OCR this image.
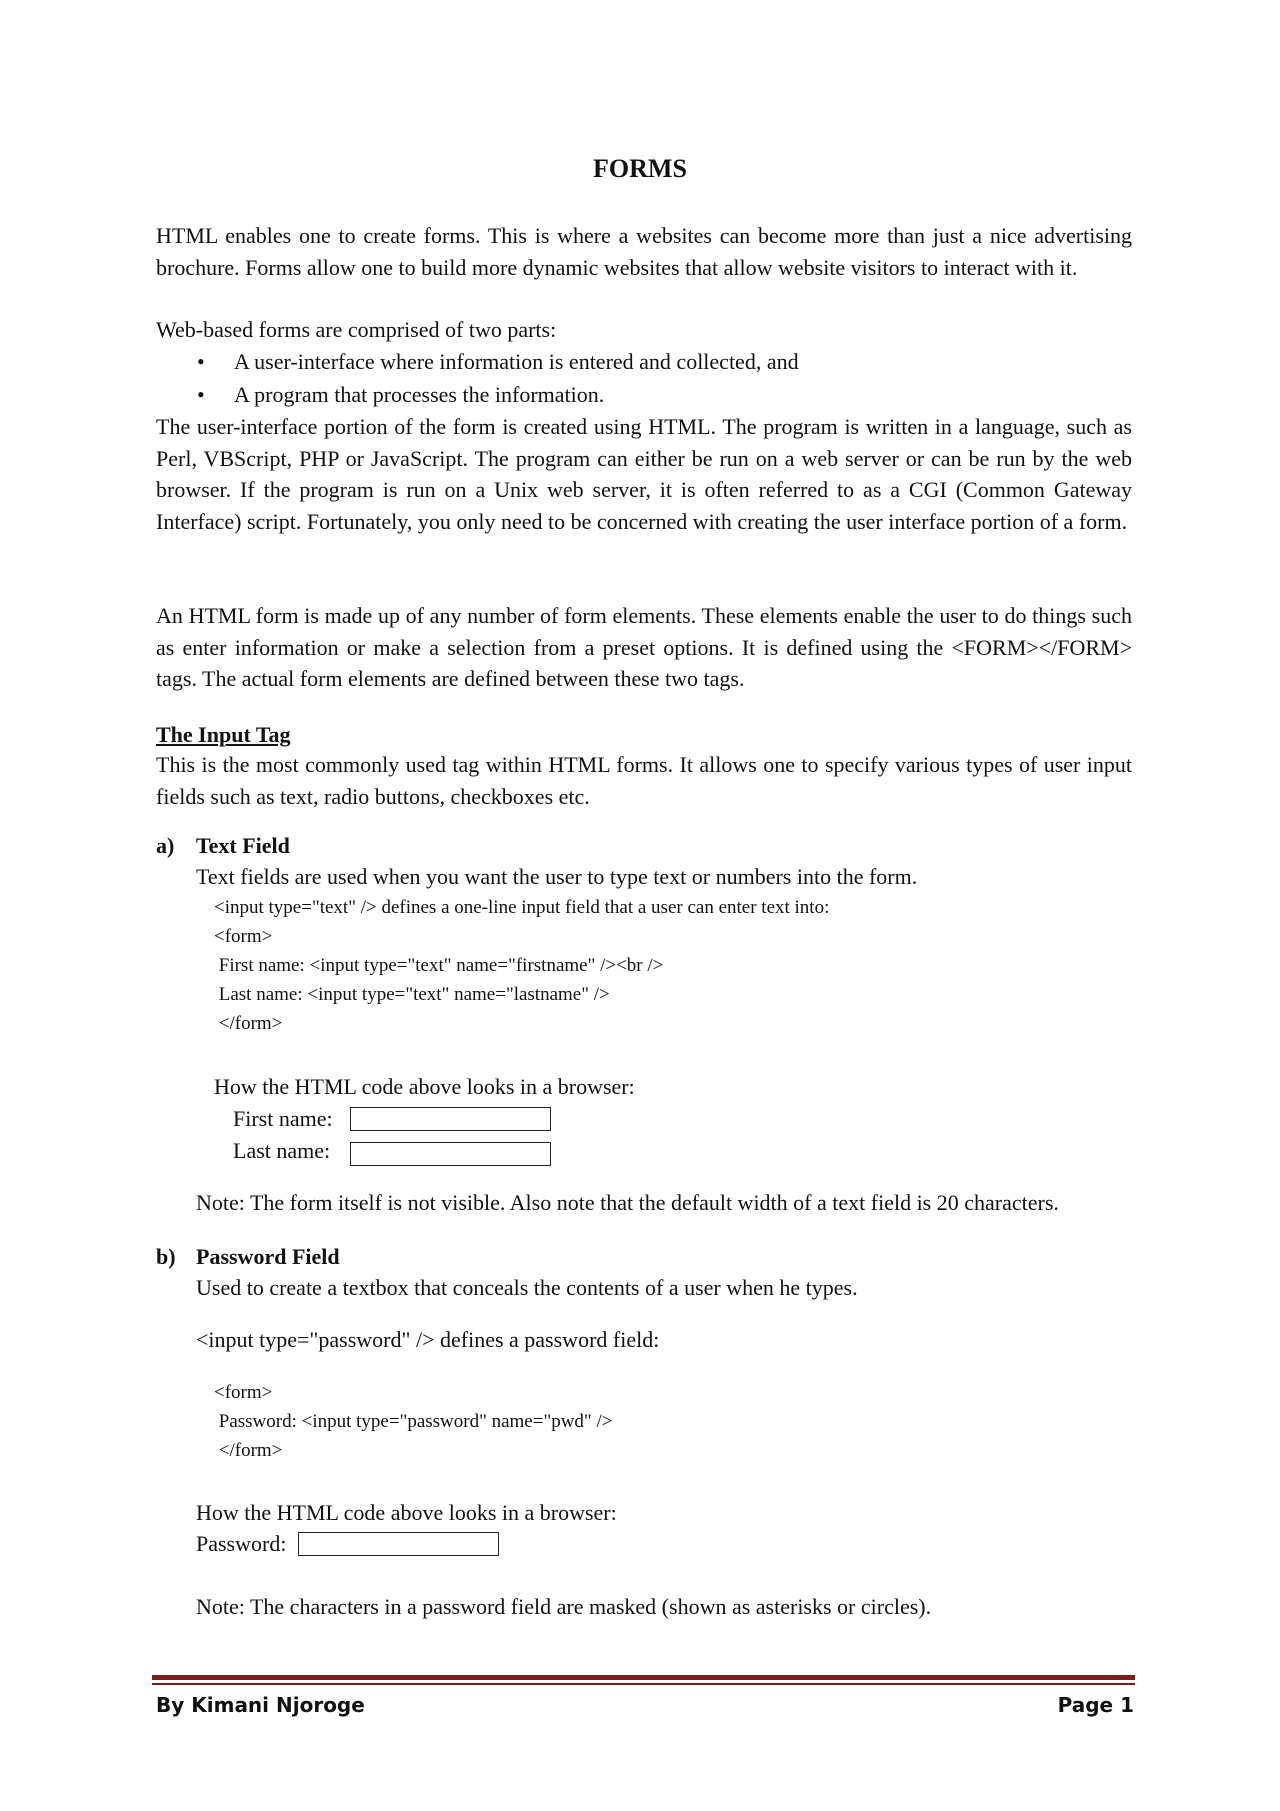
FORMS
HTML enables one to create forms. This is where a websites can become more than just a nice advertising brochure. Forms allow one to build more dynamic websites that allow website visitors to interact with it.
Web-based forms are comprised of two parts:
• A user-interface where information is entered and collected, and
• A program that processes the information.
The user-interface portion of the form is created using HTML. The program is written in a language, such as Perl, VBScript, PHP or JavaScript. The program can either be run on a web server or can be run by the web browser. If the program is run on a Unix web server, it is often referred to as a CGI (Common Gateway Interface) script. Fortunately, you only need to be concerned with creating the user interface portion of a form.
An HTML form is made up of any number of form elements. These elements enable the user to do things such as enter information or make a selection from a preset options. It is defined using the <FORM></FORM> tags. The actual form elements are defined between these two tags.
The Input Tag
This is the most commonly used tag within HTML forms. It allows one to specify various types of user input fields such as text, radio buttons, checkboxes etc.
a) Text Field
Text fields are used when you want the user to type text or numbers into the form.
<input type="text" /> defines a one-line input field that a user can enter text into:
<form>
First name: <input type="text" name="firstname" /><br />
Last name: <input type="text" name="lastname" />
</form>
How the HTML code above looks in a browser:
First name:
Last name:
Note: The form itself is not visible. Also note that the default width of a text field is 20 characters.
b) Password Field
Used to create a textbox that conceals the contents of a user when he types.
<input type="password" /> defines a password field:
<form>
Password: <input type="password" name="pwd" />
</form>
How the HTML code above looks in a browser:
Password:
Note: The characters in a password field are masked (shown as asterisks or circles).
By Kimani Njoroge	Page 1
